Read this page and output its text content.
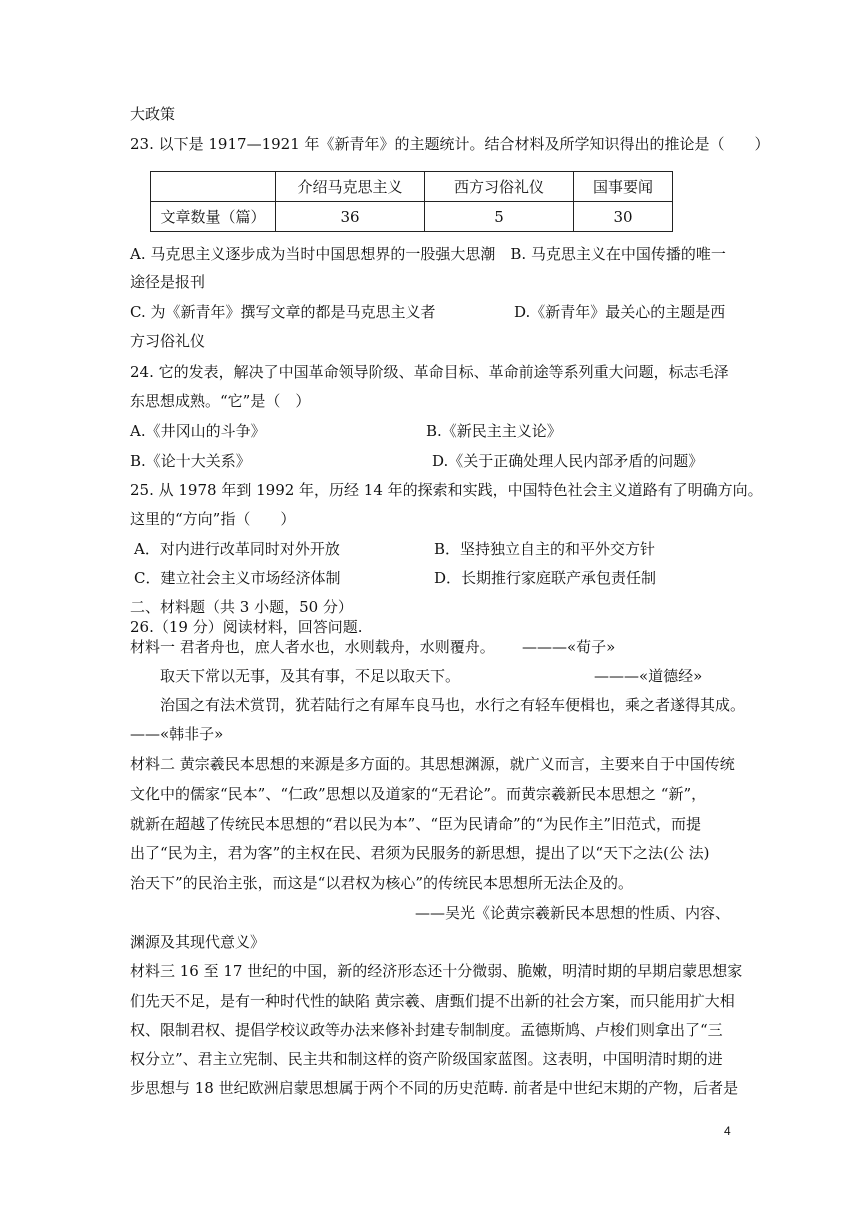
大政策
23. 以下是 1917—1921 年《新青年》的主题统计。结合材料及所学知识得出的推论是（　　）
	介绍马克思主义	西方习俗礼仪	国事要闻
文章数量（篇）	36	5	30
A. 马克思主义逐步成为当时中国思想界的一股强大思潮　B. 马克思主义在中国传播的唯一
途径是报刊
C. 为《新青年》撰写文章的都是马克思主义者	D.《新青年》最关心的主题是西
方习俗礼仪
24. 它的发表，解决了中国革命领导阶级、革命目标、革命前途等系列重大问题，标志毛泽
东思想成熟。“它”是（　）
A.《井冈山的斗争》	B.《新民主主义论》
B.《论十大关系》	D.《关于正确处理人民内部矛盾的问题》
25. 从 1978 年到 1992 年，历经 14 年的探索和实践，中国特色社会主义道路有了明确方向。
这里的“方向”指（　　）
A．对内进行改革同时对外开放	B．坚持独立自主的和平外交方针
C．建立社会主义市场经济体制	D．长期推行家庭联产承包责任制
二、材料题（共 3 小题，50 分）
26.（19 分）阅读材料，回答问题.
材料一 君者舟也，庶人者水也，水则载舟，水则覆舟。 ———«荀子»
取天下常以无事，及其有事，不足以取天下。	———«道德经»
治国之有法术赏罚，犹若陆行之有犀车良马也，水行之有轻车便楫也，乘之者遂得其成。
——«韩非子»
材料二 黄宗羲民本思想的来源是多方面的。其思想渊源，就广义而言，主要来自于中国传统
文化中的儒家“民本”、“仁政”思想以及道家的“无君论”。而黄宗羲新民本思想之 “新”，
就新在超越了传统民本思想的“君以民为本”、“臣为民请命”的“为民作主”旧范式，而提
出了“民为主，君为客”的主权在民、君须为民服务的新思想，提出了以“天下之法(公 法)
治天下”的民治主张，而这是“以君权为核心”的传统民本思想所无法企及的。
——吴光《论黄宗羲新民本思想的性质、内容、
渊源及其现代意义》
材料三 16 至 17 世纪的中国，新的经济形态还十分微弱、脆嫩，明清时期的早期启蒙思想家
们先天不足，是有一种时代性的缺陷 黄宗羲、唐甄们提不出新的社会方案，而只能用扩大相
权、限制君权、提倡学校议政等办法来修补封建专制制度。孟德斯鸠、卢梭们则拿出了“三
权分立”、君主立宪制、民主共和制这样的资产阶级国家蓝图。这表明，中国明清时期的进
步思想与 18 世纪欧洲启蒙思想属于两个不同的历史范畴. 前者是中世纪末期的产物，后者是
4
